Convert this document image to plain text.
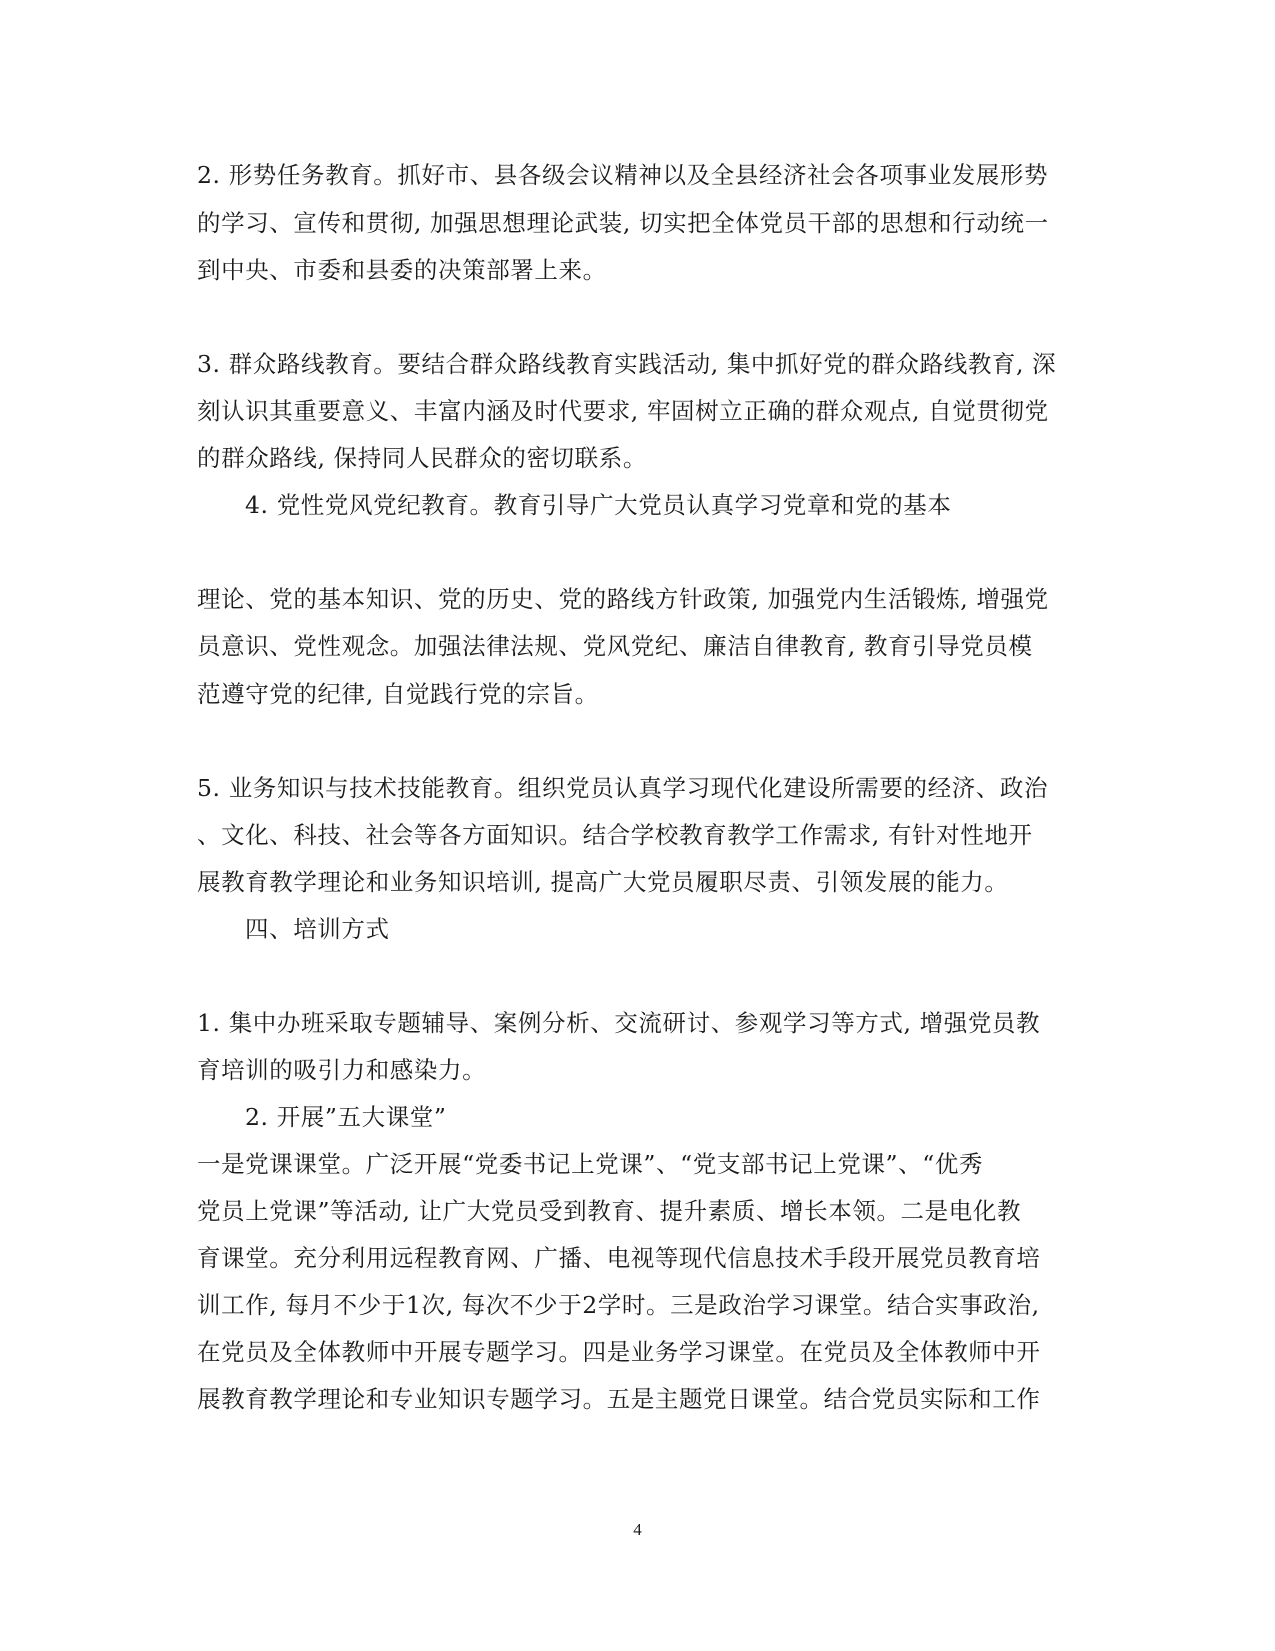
2. 形势任务教育。抓好市、县各级会议精神以及全县经济社会各项事业发展形势
的学习、宣传和贯彻, 加强思想理论武装, 切实把全体党员干部的思想和行动统一
到中央、市委和县委的决策部署上来。
3. 群众路线教育。要结合群众路线教育实践活动, 集中抓好党的群众路线教育, 深
刻认识其重要意义、丰富内涵及时代要求, 牢固树立正确的群众观点, 自觉贯彻党
的群众路线, 保持同人民群众的密切联系。
4. 党性党风党纪教育。教育引导广大党员认真学习党章和党的基本
理论、党的基本知识、党的历史、党的路线方针政策, 加强党内生活锻炼, 增强党
员意识、党性观念。加强法律法规、党风党纪、廉洁自律教育, 教育引导党员模
范遵守党的纪律, 自觉践行党的宗旨。
5. 业务知识与技术技能教育。组织党员认真学习现代化建设所需要的经济、政治
、文化、科技、社会等各方面知识。结合学校教育教学工作需求, 有针对性地开
展教育教学理论和业务知识培训, 提高广大党员履职尽责、引领发展的能力。
四、培训方式
1. 集中办班采取专题辅导、案例分析、交流研讨、参观学习等方式, 增强党员教
育培训的吸引力和感染力。
2. 开展”五大课堂”
一是党课课堂。广泛开展“党委书记上党课”、“党支部书记上党课”、“优秀
党员上党课”等活动, 让广大党员受到教育、提升素质、增长本领。二是电化教
育课堂。充分利用远程教育网、广播、电视等现代信息技术手段开展党员教育培
训工作, 每月不少于1次, 每次不少于2学时。三是政治学习课堂。结合实事政治,
在党员及全体教师中开展专题学习。四是业务学习课堂。在党员及全体教师中开
展教育教学理论和专业知识专题学习。五是主题党日课堂。结合党员实际和工作
4
